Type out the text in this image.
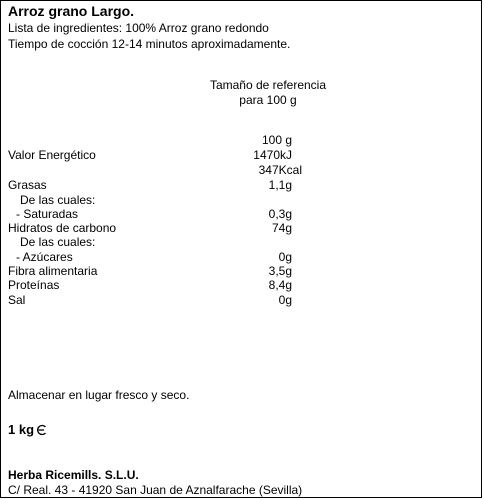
Arroz grano Largo.
Lista de ingredientes: 100% Arroz grano redondo
Tiempo de cocción 12-14 minutos aproximadamente.
Tamaño de referencia
para 100 g
100 g
Valor Energético	1470kJ
347Kcal
Grasas	1,1g
De las cuales:
- Saturadas	0,3g
Hidratos de carbono	74g
De las cuales:
- Azúcares	0g
Fibra alimentaria	3,5g
Proteínas	8,4g
Sal	0g
Almacenar en lugar fresco y seco.
1 kg
Herba Ricemills. S.L.U.
C/ Real. 43 - 41920 San Juan de Aznalfarache (Sevilla)
